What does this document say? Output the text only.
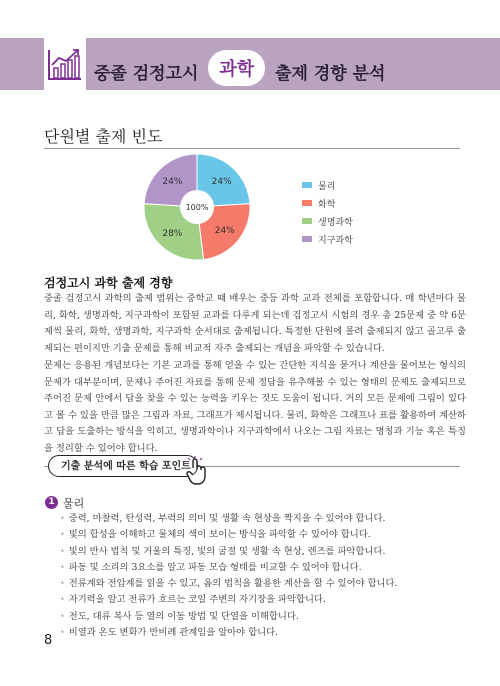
중졸 검정고시 과학 출제 경향 분석
단원별 출제 빈도
24%
24%
28%
24%
100%
물리
화학
생명과학
지구과학
검정고시 과학 출제 경향
중졸 검정고시 과학의 출제 범위는 중학교 때 배우는 중등 과학 교과 전체를 포함합니다. 매 학년마다 물리, 화학, 생명과학, 지구과학이 포함된 교과를 다루게 되는데 검정고시 시험의 경우 총 25문제 중 약 6문제씩 물리, 화학, 생명과학, 지구과학 순서대로 출제됩니다. 특정한 단원에 몰려 출제되지 않고 골고루 출제되는 편이지만 기출 문제를 통해 비교적 자주 출제되는 개념을 파악할 수 있습니다.
문제는 응용된 개념보다는 기본 교과를 통해 얻을 수 있는 간단한 지식을 묻거나 계산을 물어보는 형식의 문제가 대부분이며, 문제나 주어진 자료를 통해 문제 정답을 유추해볼 수 있는 형태의 문제도 출제되므로 주어진 문제 안에서 답을 찾을 수 있는 능력을 키우는 것도 도움이 됩니다. 거의 모든 문제에 그림이 있다고 볼 수 있을 만큼 많은 그림과 자료, 그래프가 제시됩니다. 물리, 화학은 그래프나 표를 활용하여 계산하고 답을 도출하는 방식을 익히고, 생명과학이나 지구과학에서 나오는 그림 자료는 명칭과 기능 혹은 특징을 정리할 수 있어야 합니다.
기출 분석에 따른 학습 포인트
1 물리
• 중력, 마찰력, 탄성력, 부력의 의미 및 생활 속 현상을 짝지을 수 있어야 합니다.
• 빛의 합성을 이해하고 물체의 색이 보이는 방식을 파악할 수 있어야 합니다.
• 빛의 반사 법칙 및 거울의 특징, 빛의 굴절 및 생활 속 현상, 렌즈를 파악합니다.
• 파동 및 소리의 3요소를 알고 파동 모습 형태를 비교할 수 있어야 합니다.
• 전류계와 전압계를 읽을 수 있고, 옴의 법칙을 활용한 계산을 할 수 있어야 합니다.
• 자기력을 알고 전류가 흐르는 코일 주변의 자기장을 파악합니다.
• 전도, 대류 복사 등 열의 이동 방법 및 단열을 이해합니다.
• 비열과 온도 변화가 반비례 관계임을 알아야 합니다.
8
